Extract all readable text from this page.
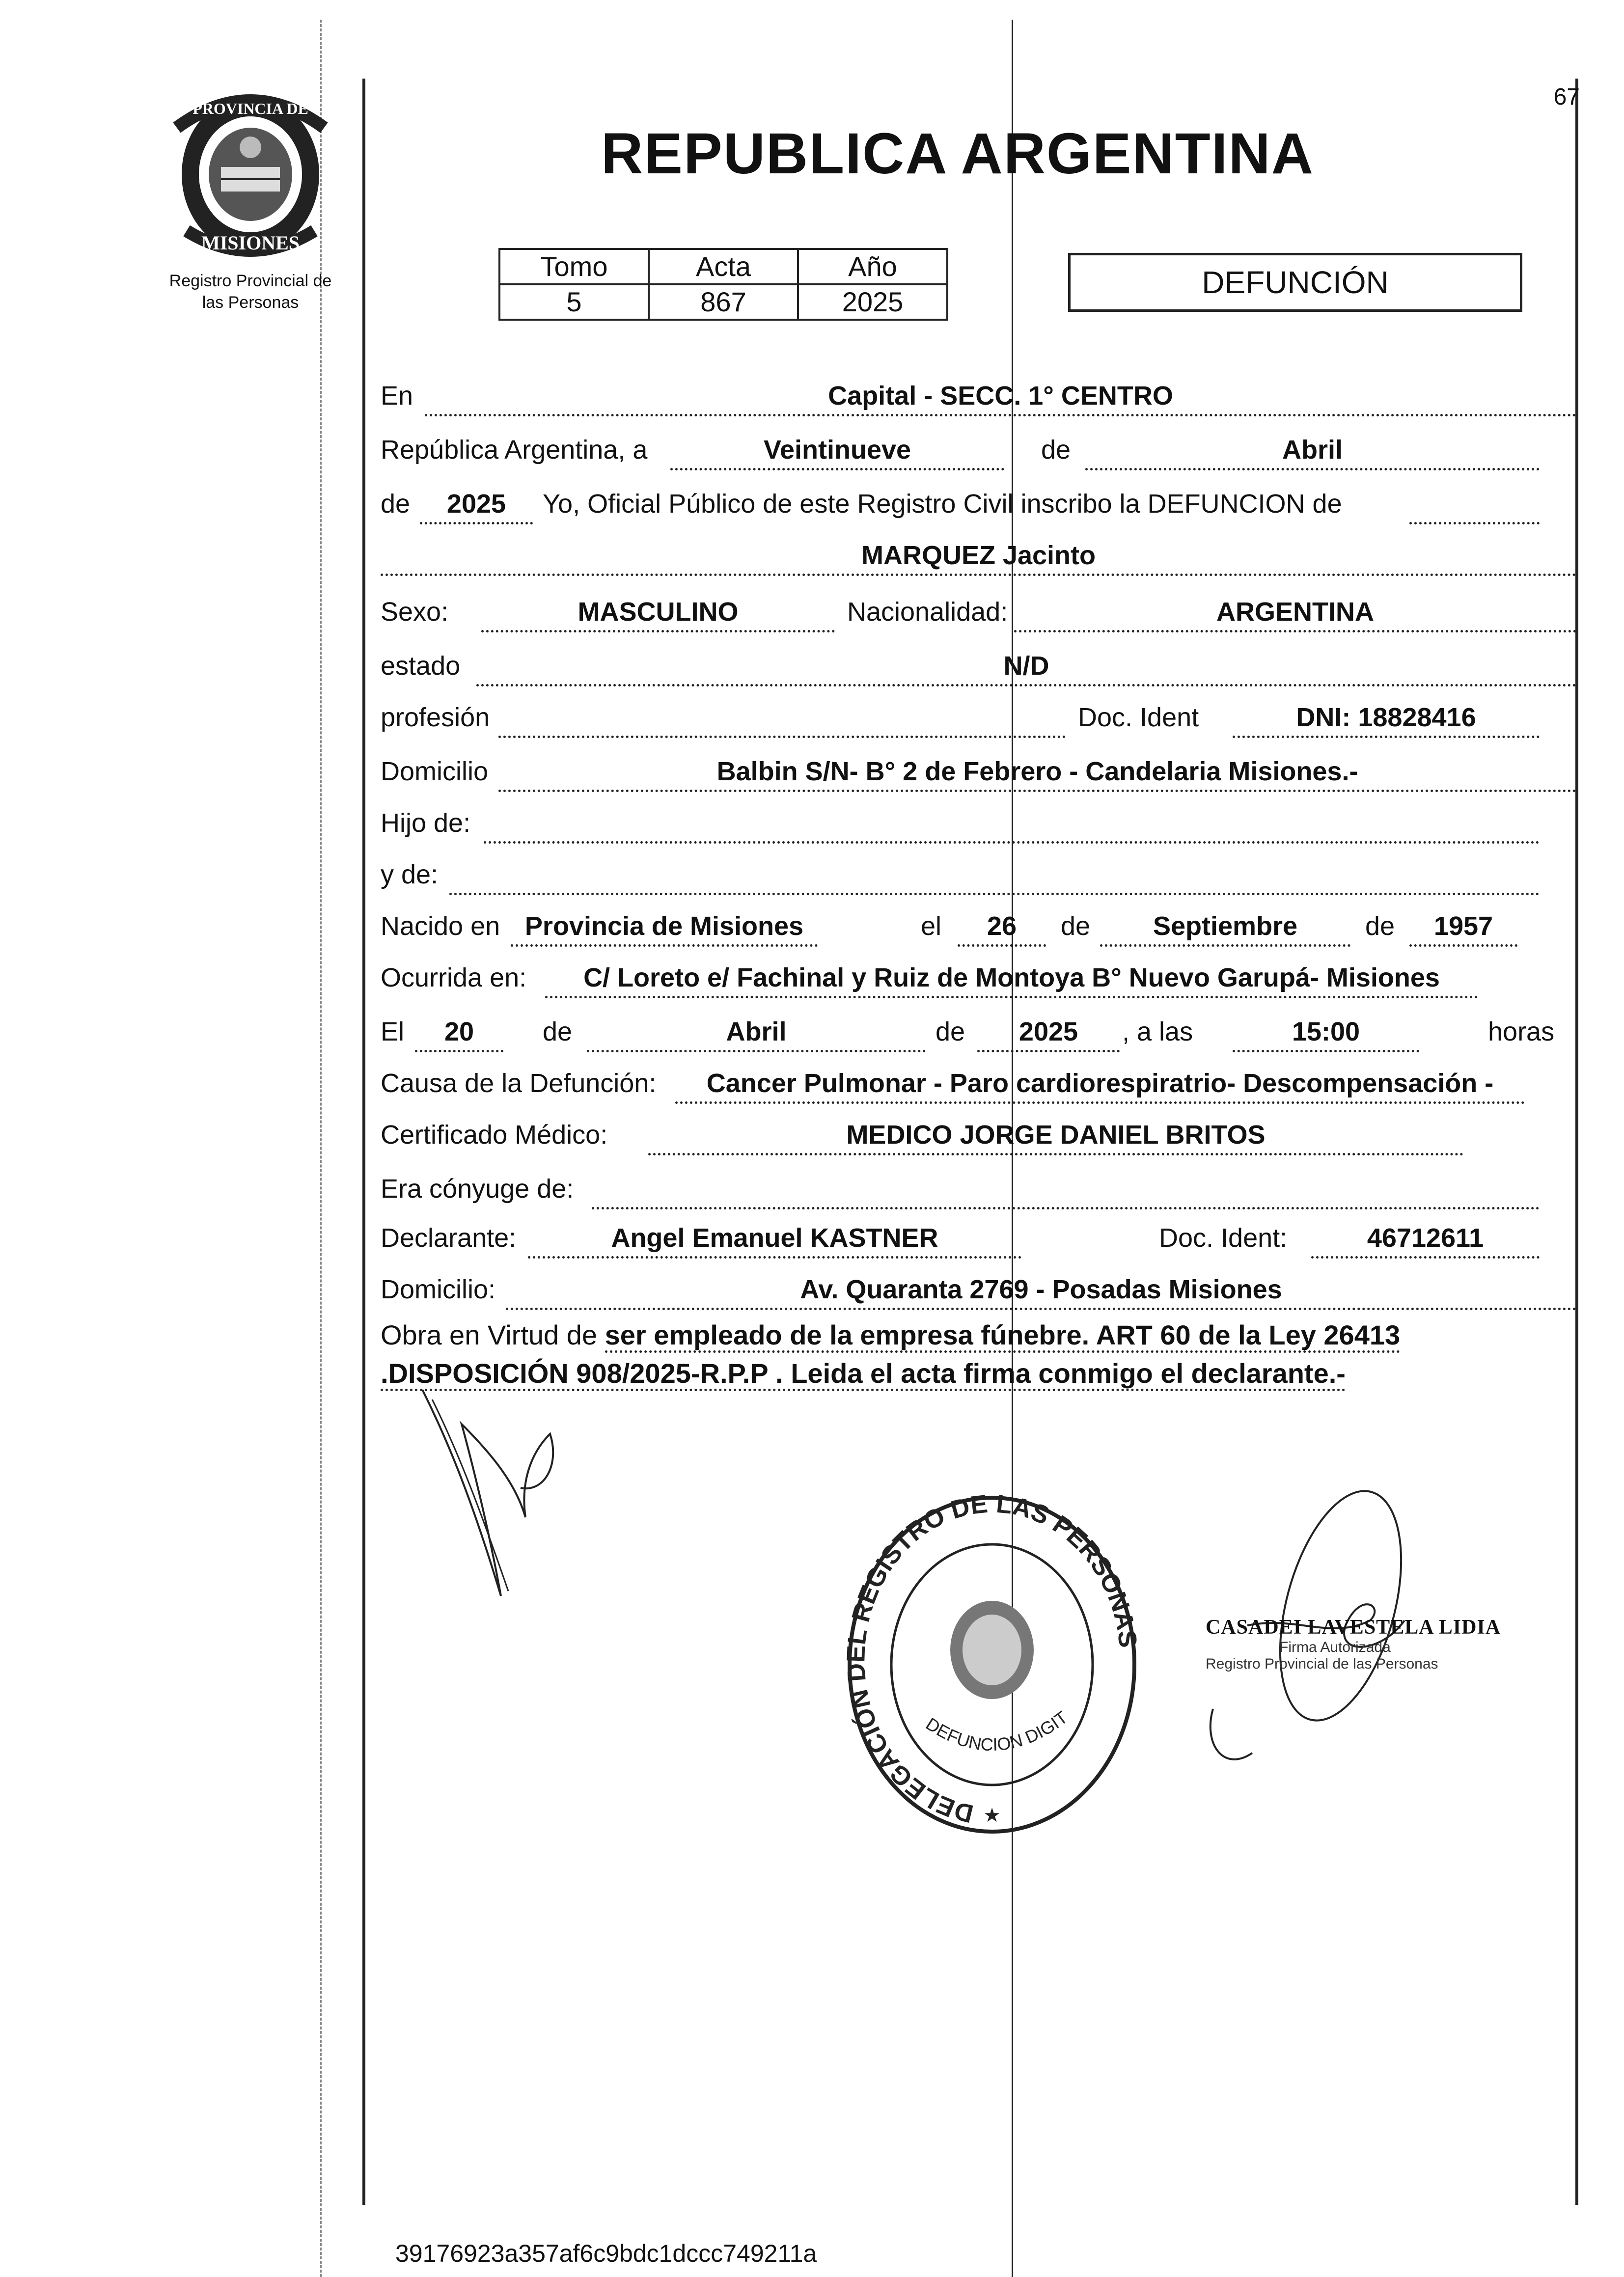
PROVINCIA DE
MISIONES
Registro Provincial de
las Personas
67
REPUBLICA ARGENTINA
Tomo	Acta	Año
5	867	2025
DEFUNCIÓN
En	Capital - SECC. 1° CENTRO
República Argentina, a	Veintinueve	de	Abril
de	2025	Yo, Oficial Público de este Registro Civil inscribo la DEFUNCION de
MARQUEZ Jacinto
Sexo:	MASCULINO	Nacionalidad:	ARGENTINA
estado	N/D
profesión	Doc. Ident	DNI: 18828416
Domicilio	Balbin S/N- B° 2 de Febrero - Candelaria Misiones.-
Hijo de:
y de:
Nacido en Provincia de Misiones	el	26	de	Septiembre	de	1957
Ocurrida en:	C/ Loreto e/ Fachinal y Ruiz de Montoya B° Nuevo Garupá- Misiones
El	20	de	Abril	de	2025	, a las	15:00	horas
Causa de la Defunción:	Cancer Pulmonar - Paro cardiorespiratrio- Descompensación -
Certificado Médico:	MEDICO JORGE DANIEL BRITOS
Era cónyuge de:
Declarante:	Angel Emanuel KASTNER	Doc. Ident:	46712611
Domicilio:	Av. Quaranta 2769 - Posadas Misiones
Obra en Virtud de ser empleado de la empresa fúnebre. ART 60 de la Ley 26413 .DISPOSICIÓN 908/2025-R.P.P . Leida el acta firma conmigo el declarante.-
DELEGACIÓN DEL REGISTRO DE LAS PERSONAS
DEFUNCION DIGIT
★
CASADEI LAVESTELA LIDIA
Firma Autorizada
Registro Provincial de las Personas
39176923a357af6c9bdc1dccc749211a
